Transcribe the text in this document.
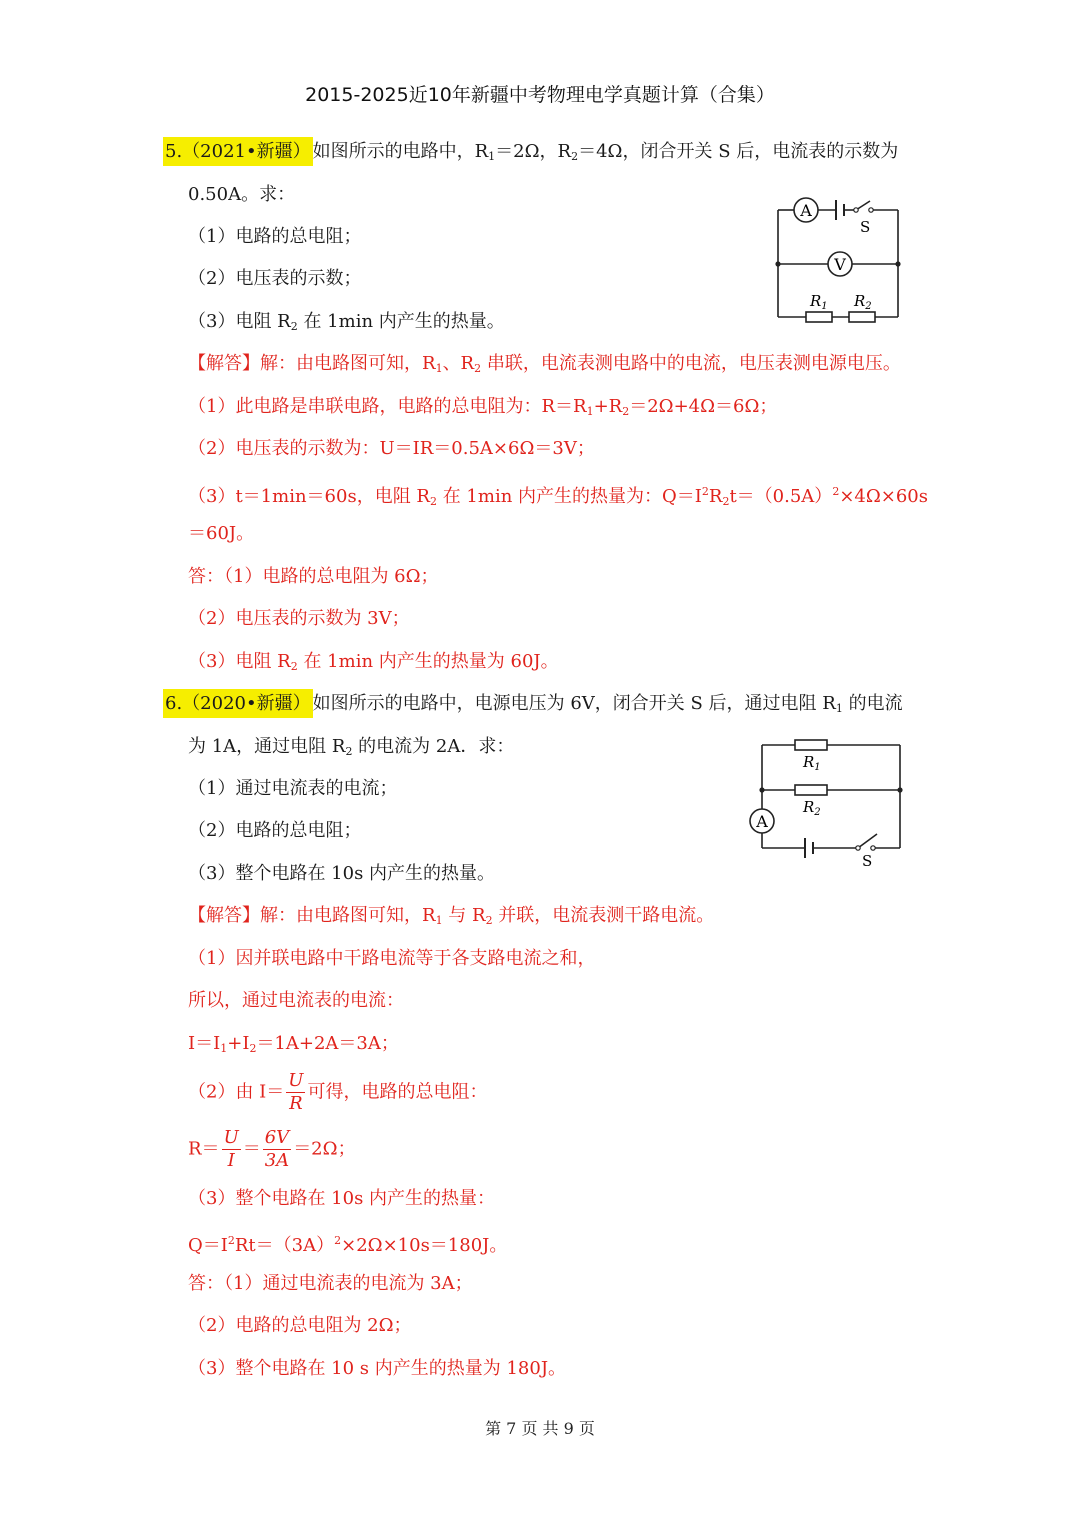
2015-2025近10年新疆中考物理电学真题计算（合集）
5.（2021•新疆） 如图所示的电路中，$R_1=2\Omega$，$R_2=4\Omega$，闭合开关 S 后，电流表的示数为
0.50A。求：
（1）电路的总电阻；
（2）电压表的示数；
（3）电阻 $R_2$ 在 1min 内产生的热量。
A
V
S
$R_1$ $R_2$
【解答】解：由电路图可知，$R_1$、$R_2$ 串联，电流表测电路中的电流，电压表测电源电压。
（1）此电路是串联电路，电路的总电阻为：$R=R_1+R_2=2\Omega+4\Omega=6\Omega$；
（2）电压表的示数为：U＝IR＝0.5A×6Ω＝3V；
（3）t＝1min＝60s，电阻 $R_2$ 在 1min 内产生的热量为：$Q=I^2R_2t=(0.5A)^2\times 4\Omega\times 60s$
＝60J。
答：（1）电路的总电阻为 6Ω；
（2）电压表的示数为 3V；
（3）电阻 $R_2$ 在 1min 内产生的热量为 60J。
6.（2020•新疆） 如图所示的电路中，电源电压为 6V，闭合开关 S 后，通过电阻 $R_1$ 的电流
为 1A，通过电阻 $R_2$ 的电流为 2A．求：
（1）通过电流表的电流；
（2）电路的总电阻；
（3）整个电路在 10s 内产生的热量。
A
S
$R_1$
$R_2$
【解答】解：由电路图可知，$R_1$ 与 $R_2$ 并联，电流表测干路电流。
（1）因并联电路中干路电流等于各支路电流之和，
所以，通过电流表的电流：
$I=I_1+I_2=1A+2A=3A$；
（2）由 $I= \frac{U}{R}$ 可得，电路的总电阻：
$R= \frac{U}{I} = \frac{6V}{3A} =2\Omega$；
（3）整个电路在 10s 内产生的热量：
$Q=I^2Rt=(3A)^2\times 2\Omega\times 10s=180J$。
答：（1）通过电流表的电流为 3A；
（2）电路的总电阻为 2Ω；
（3）整个电路在 10 s 内产生的热量为 180J。
第 7 页 共 9 页
